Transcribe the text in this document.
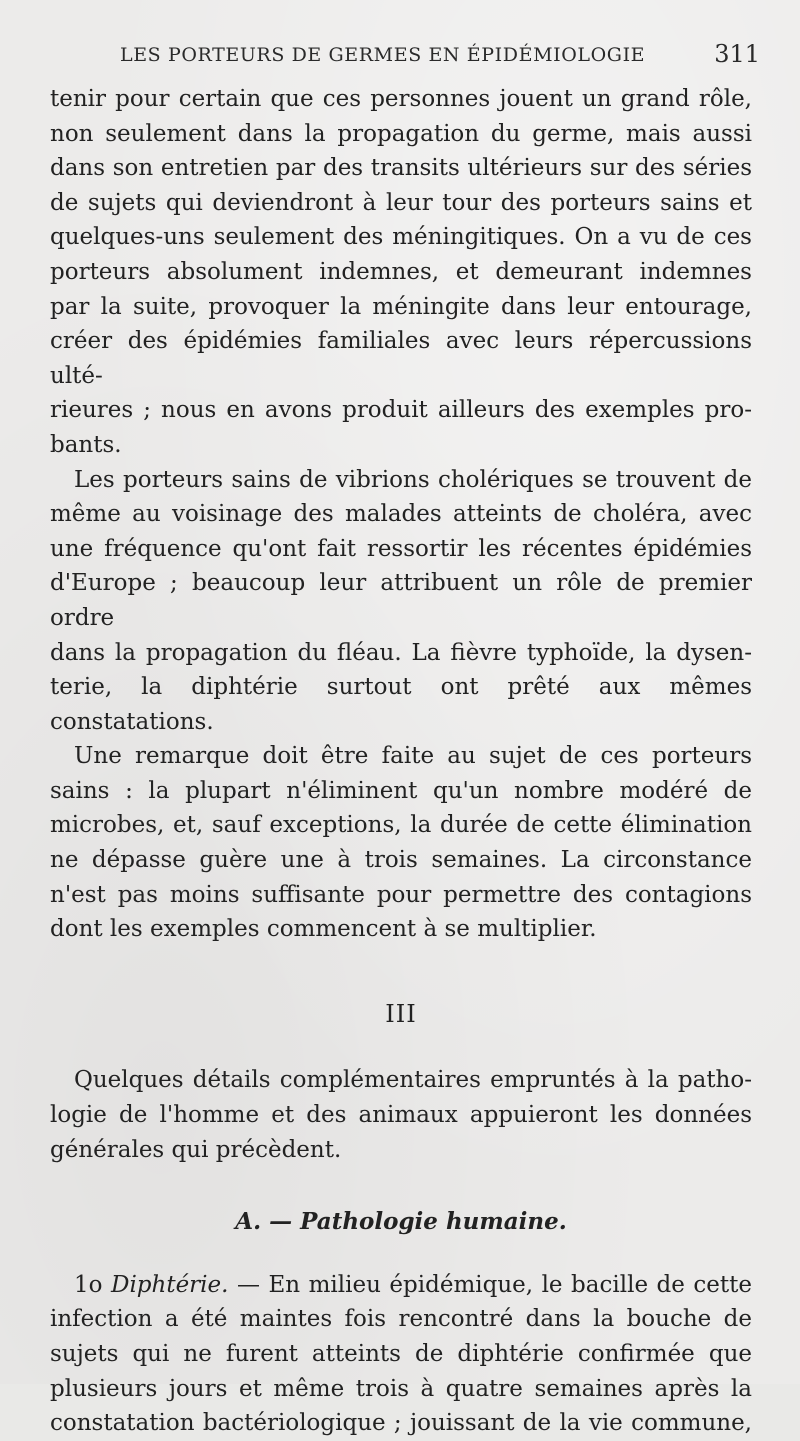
LES PORTEURS DE GERMES EN ÉPIDÉMIOLOGIE	311

tenir pour certain que ces personnes jouent un grand rôle,

non seulement dans la propagation du germe, mais aussi

dans son entretien par des transits ultérieurs sur des séries

de sujets qui deviendront à leur tour des porteurs sains et

quelques-uns seulement des méningitiques. On a vu de ces

porteurs absolument indemnes, et demeurant indemnes

par la suite, provoquer la méningite dans leur entourage,

créer des épidémies familiales avec leurs répercussions ulté-

rieures ; nous en avons produit ailleurs des exemples pro-

bants.

Les porteurs sains de vibrions cholériques se trouvent de

même au voisinage des malades atteints de choléra, avec

une fréquence qu'ont fait ressortir les récentes épidémies

d'Europe ; beaucoup leur attribuent un rôle de premier ordre

dans la propagation du fléau. La fièvre typhoïde, la dysen-

terie, la diphtérie surtout ont prêté aux mêmes constatations.

Une remarque doit être faite au sujet de ces porteurs

sains : la plupart n'éliminent qu'un nombre modéré de

microbes, et, sauf exceptions, la durée de cette élimination

ne dépasse guère une à trois semaines. La circonstance

n'est pas moins suffisante pour permettre des contagions

dont les exemples commencent à se multiplier.

III

Quelques détails complémentaires empruntés à la patho-

logie de l'homme et des animaux appuieront les données

générales qui précèdent.

A. — Pathologie humaine.

1o Diphtérie. — En milieu épidémique, le bacille de cette

infection a été maintes fois rencontré dans la bouche de

sujets qui ne furent atteints de diphtérie confirmée que

plusieurs jours et même trois à quatre semaines après la

constatation bactériologique ; jouissant de la vie commune,
